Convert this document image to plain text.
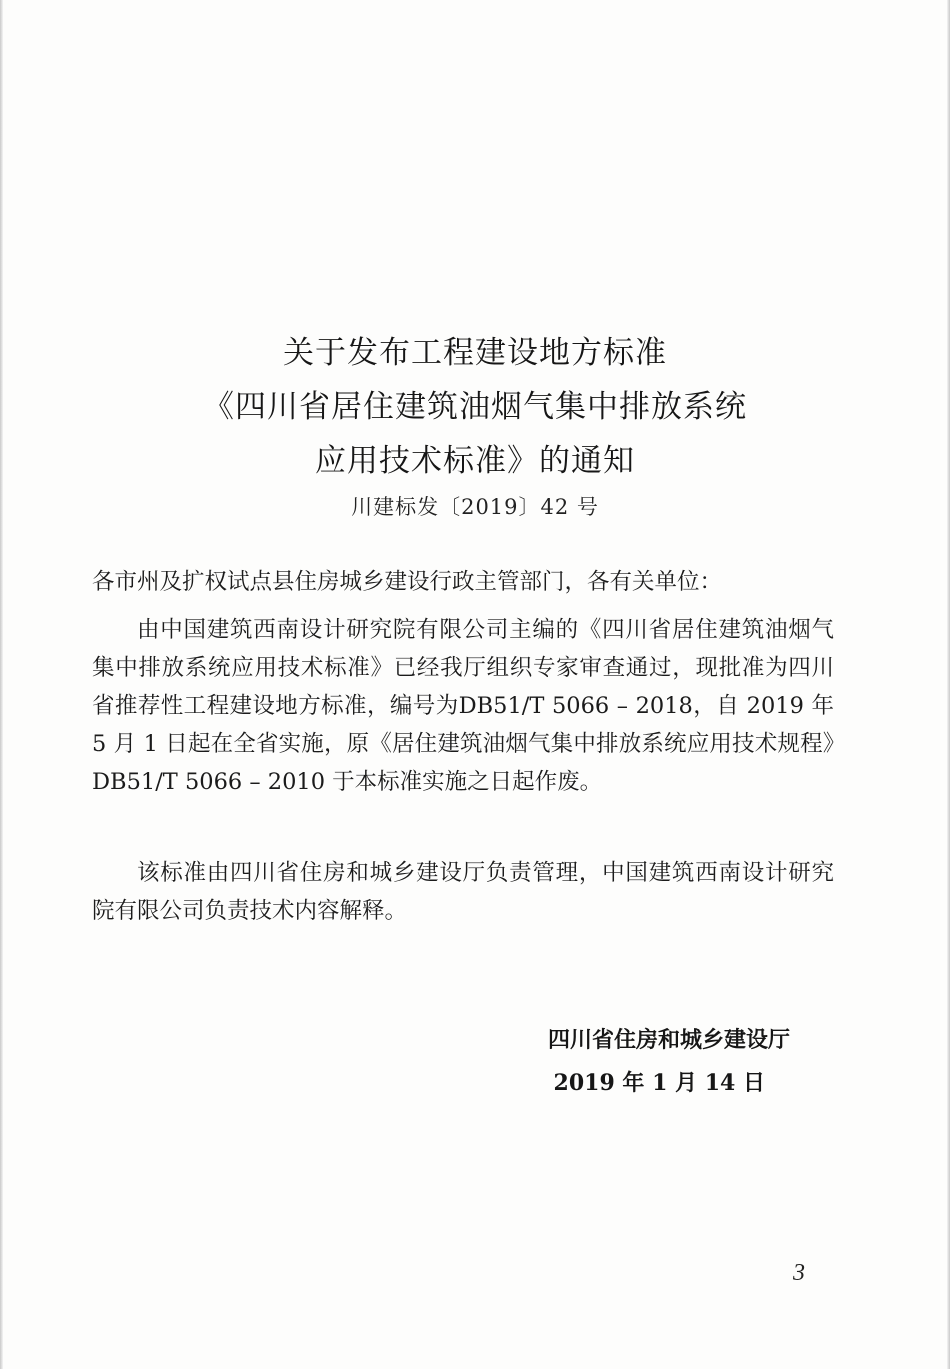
关于发布工程建设地方标准
《四川省居住建筑油烟气集中排放系统
应用技术标准》的通知
川建标发〔2019〕42 号
各市州及扩权试点县住房城乡建设行政主管部门，各有关单位：
由中国建筑西南设计研究院有限公司主编的《四川省居住建筑油烟气集中排放系统应用技术标准》已经我厅组织专家审查通过，现批准为四川省推荐性工程建设地方标准，编号为DB51/T 5066 – 2018，自 2019 年 5 月 1 日起在全省实施，原《居住建筑油烟气集中排放系统应用技术规程》DB51/T 5066 – 2010 于本标准实施之日起作废。
该标准由四川省住房和城乡建设厅负责管理，中国建筑西南设计研究院有限公司负责技术内容解释。
四川省住房和城乡建设厅
2019 年 1 月 14 日
3
